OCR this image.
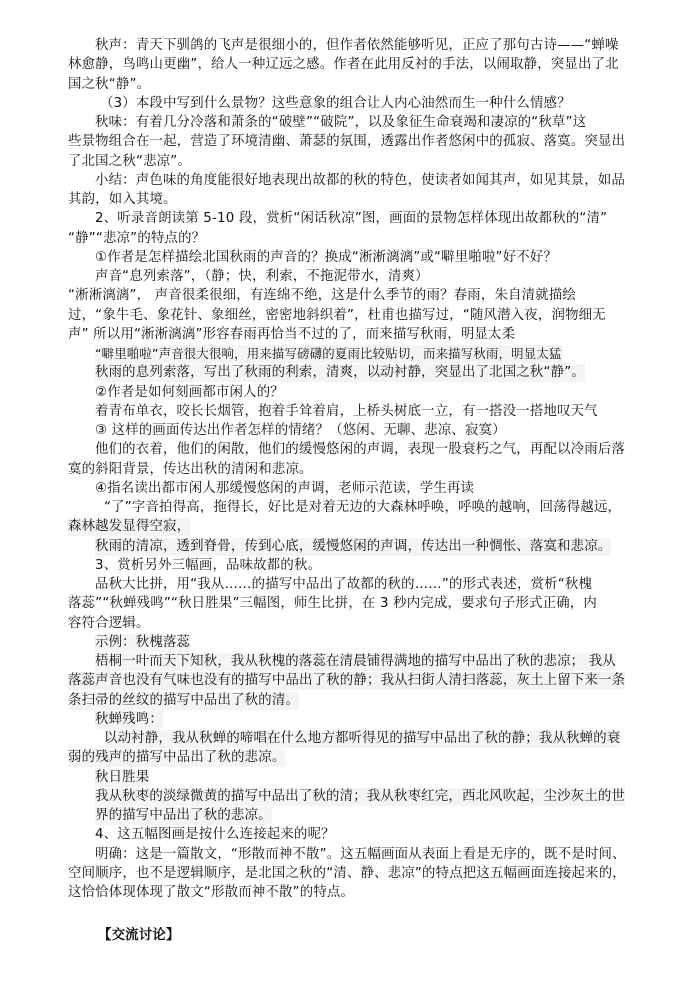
秋声：青天下驯鸽的飞声是很细小的，但作者依然能够听见，正应了那句古诗——“蝉噪
林愈静，鸟鸣山更幽”，给人一种辽远之感。作者在此用反衬的手法，以闹取静，突显出了北
国之秋“静”。
（3）本段中写到什么景物？这些意象的组合让人内心油然而生一种什么情感？
秋味：有着几分冷落和萧条的“破壁”“破院”，以及象征生命衰竭和凄凉的“秋草”这
些景物组合在一起，营造了环境清幽、萧瑟的氛围，透露出作者悠闲中的孤寂、落寞。突显出
了北国之秋“悲凉”。
小结：声色味的角度能很好地表现出故都的秋的特色，使读者如闻其声，如见其景，如品
其韵，如入其境。
2、听录音朗读第 5-10 段，赏析“闲话秋凉”图，画面的景物怎样体现出故都秋的“清”
“静”“悲凉”的特点的？
①作者是怎样描绘北国秋雨的声音的？换成“淅淅漓漓”或“噼里啪啦”好不好？
声音“息列索落”，（静；快，利索，不拖泥带水，清爽）
“淅淅漓漓”， 声音很柔很细，有连绵不绝，这是什么季节的雨？春雨，朱自清就描绘
过，“象牛毛、象花针、象细丝，密密地斜织着”，杜甫也描写过，“随风潜入夜，润物细无
声” 所以用“淅淅漓漓”形容春雨再恰当不过的了，而来描写秋雨，明显太柔
“噼里啪啦”声音很大很响，用来描写磅礴的夏雨比较贴切，而来描写秋雨，明显太猛
秋雨的息列索落，写出了秋雨的利索，清爽，以动衬静，突显出了北国之秋“静”。
②作者是如何刻画都市闲人的？
着青布单衣，咬长长烟管，抱着手耸着肩，上桥头树底一立，有一搭没一搭地叹天气
③ 这样的画面传达出作者怎样的情绪？（悠闲、无聊、悲凉、寂寞）
他们的衣着，他们的闲散，他们的缓慢悠闲的声调，表现一股衰朽之气，再配以冷雨后落
寞的斜阳背景，传达出秋的清闲和悲凉。
④指名读出都市闲人那缓慢悠闲的声调，老师示范读，学生再读
“了”字音拍得高，拖得长，好比是对着无边的大森林呼唤，呼唤的越响，回荡得越远，
森林越发显得空寂，
秋雨的清凉，透到脊骨，传到心底，缓慢悠闲的声调，传达出一种惆怅、落寞和悲凉。
3、赏析另外三幅画，品味故都的秋。
品秋大比拼，用“我从……的描写中品出了故都的秋的……”的形式表述，赏析“秋槐
落蕊”“秋蝉残鸣”“秋日胜果”三幅图，师生比拼，在 3 秒内完成，要求句子形式正确，内
容符合逻辑。
示例：秋槐落蕊
梧桐一叶而天下知秋，我从秋槐的落蕊在清晨铺得满地的描写中品出了秋的悲凉； 我从
落蕊声音也没有气味也没有的描写中品出了秋的静；我从扫街人清扫落蕊，灰土上留下来一条
条扫帚的丝纹的描写中品出了秋的清。
秋蝉残鸣：
以动衬静，我从秋蝉的啼唱在什么地方都听得见的描写中品出了秋的静；我从秋蝉的衰
弱的残声的描写中品出了秋的悲凉。
秋日胜果
我从秋枣的淡绿微黄的描写中品出了秋的清；我从秋枣红完，西北风吹起，尘沙灰土的世
界的描写中品出了秋的悲凉。
4、这五幅图画是按什么连接起来的呢？
明确：这是一篇散文，“形散而神不散”。这五幅画面从表面上看是无序的，既不是时间、
空间顺序，也不是逻辑顺序，是北国之秋的“清、静、悲凉”的特点把这五幅画面连接起来的，
这恰恰体现体现了散文“形散而神不散”的特点。
【交流讨论】
